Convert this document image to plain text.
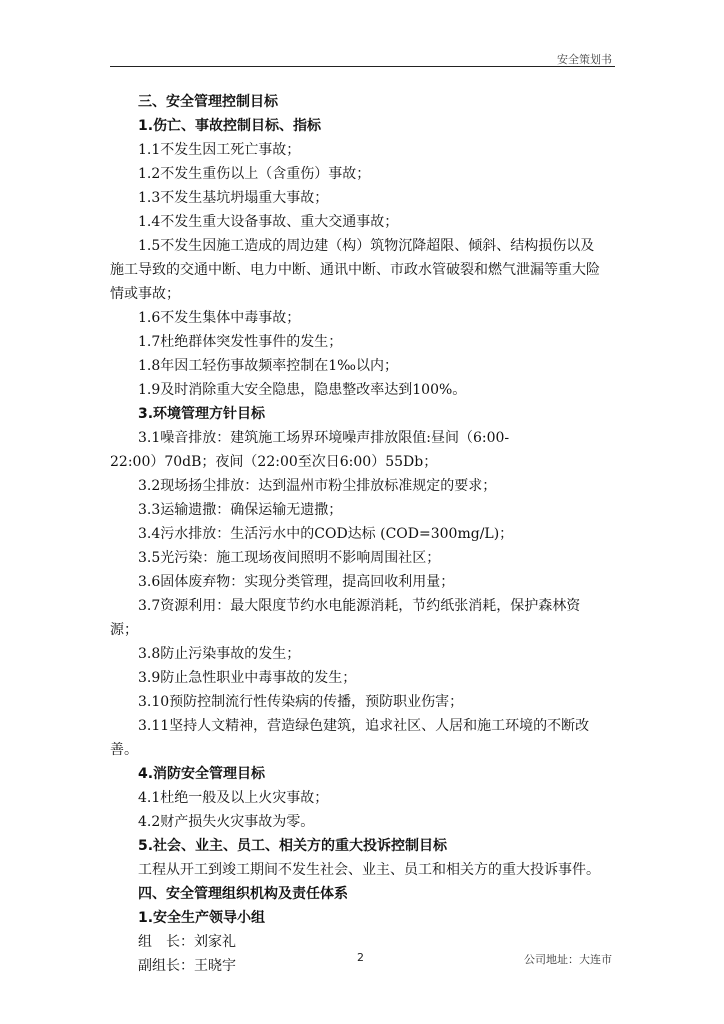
安全策划书
三、安全管理控制目标
1.伤亡、事故控制目标、指标
1.1不发生因工死亡事故；
1.2不发生重伤以上（含重伤）事故；
1.3不发生基坑坍塌重大事故；
1.4不发生重大设备事故、重大交通事故；
1.5不发生因施工造成的周边建（构）筑物沉降超限、倾斜、结构损伤以及
施工导致的交通中断、电力中断、通讯中断、市政水管破裂和燃气泄漏等重大险
情或事故；
1.6不发生集体中毒事故；
1.7杜绝群体突发性事件的发生；
1.8年因工轻伤事故频率控制在1‰以内；
1.9及时消除重大安全隐患，隐患整改率达到100%。
3.环境管理方针目标
3.1噪音排放：建筑施工场界环境噪声排放限值:昼间（6:00-
22:00）70dB；夜间（22:00至次日6:00）55Db；
3.2现场扬尘排放：达到温州市粉尘排放标准规定的要求；
3.3运输遗撒：确保运输无遗撒；
3.4污水排放：生活污水中的COD达标 (COD=300mg/L)；
3.5光污染：施工现场夜间照明不影响周围社区；
3.6固体废弃物：实现分类管理，提高回收利用量；
3.7资源利用：最大限度节约水电能源消耗，节约纸张消耗，保护森林资
源；
3.8防止污染事故的发生；
3.9防止急性职业中毒事故的发生；
3.10预防控制流行性传染病的传播，预防职业伤害；
3.11坚持人文精神，营造绿色建筑，追求社区、人居和施工环境的不断改
善。
4.消防安全管理目标
4.1杜绝一般及以上火灾事故；
4.2财产损失火灾事故为零。
5.社会、业主、员工、相关方的重大投诉控制目标
工程从开工到竣工期间不发生社会、业主、员工和相关方的重大投诉事件。
四、安全管理组织机构及责任体系
1.安全生产领导小组
组　长：刘家礼
副组长：王晓宇
2	公司地址：大连市
